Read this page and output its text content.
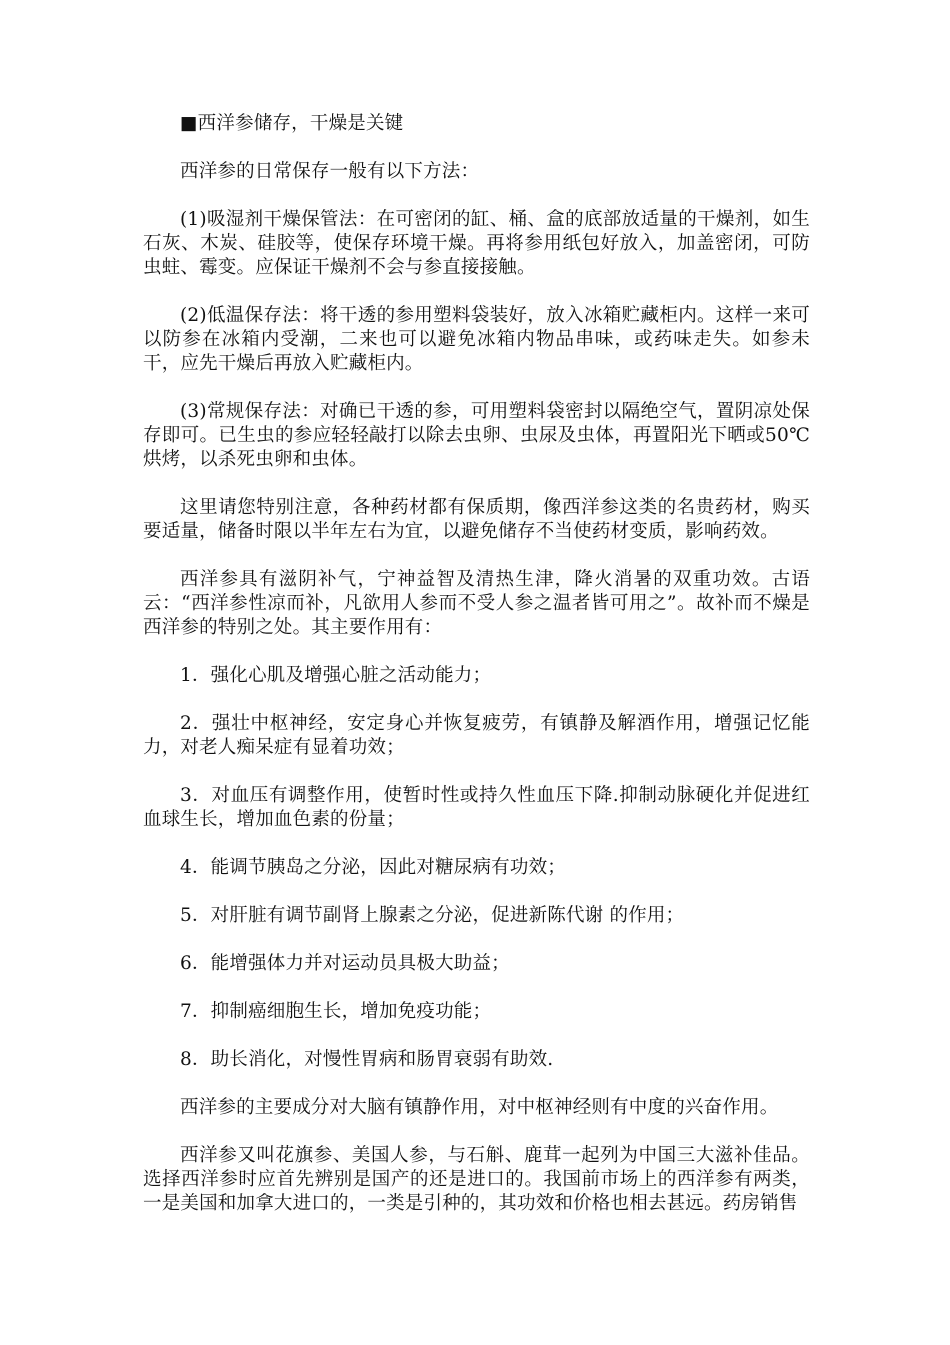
■西洋参储存，干燥是关键

西洋参的日常保存一般有以下方法：

(1)吸湿剂干燥保管法：在可密闭的缸、桶、盒的底部放适量的干燥剂，如生石灰、木炭、硅胶等，使保存环境干燥。再将参用纸包好放入，加盖密闭，可防虫蛀、霉变。应保证干燥剂不会与参直接接触。

(2)低温保存法：将干透的参用塑料袋装好，放入冰箱贮藏柜内。这样一来可以防参在冰箱内受潮，二来也可以避免冰箱内物品串味，或药味走失。如参未干，应先干燥后再放入贮藏柜内。

(3)常规保存法：对确已干透的参，可用塑料袋密封以隔绝空气，置阴凉处保存即可。已生虫的参应轻轻敲打以除去虫卵、虫尿及虫体，再置阳光下晒或50℃烘烤，以杀死虫卵和虫体。

这里请您特别注意，各种药材都有保质期，像西洋参这类的名贵药材，购买要适量，储备时限以半年左右为宜，以避免储存不当使药材变质，影响药效。

西洋参具有滋阴补气，宁神益智及清热生津，降火消暑的双重功效。古语云：“西洋参性凉而补，凡欲用人参而不受人参之温者皆可用之”。故补而不燥是西洋参的特别之处。其主要作用有：

1．强化心肌及增强心脏之活动能力；

2．强壮中枢神经，安定身心并恢复疲劳，有镇静及解酒作用，增强记忆能力，对老人痴呆症有显着功效；

3．对血压有调整作用，使暂时性或持久性血压下降.抑制动脉硬化并促进红血球生长，增加血色素的份量；

4．能调节胰岛之分泌，因此对糖尿病有功效；

5．对肝脏有调节副肾上腺素之分泌，促进新陈代谢 的作用；

6．能增强体力并对运动员具极大助益；

7．抑制癌细胞生长，增加免疫功能；

8．助长消化，对慢性胃病和肠胃衰弱有助效.

西洋参的主要成分对大脑有镇静作用，对中枢神经则有中度的兴奋作用。

西洋参又叫花旗参、美国人参，与石斛、鹿茸一起列为中国三大滋补佳品。选择西洋参时应首先辨别是国产的还是进口的。我国前市场上的西洋参有两类，一是美国和加拿大进口的，一类是引种的，其功效和价格也相去甚远。药房销售
